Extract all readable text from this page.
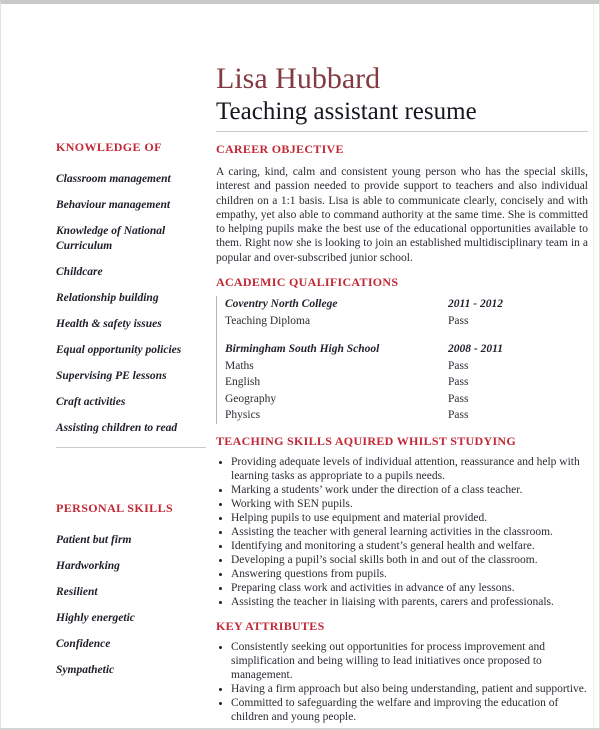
KNOWLEDGE OF
Classroom management
Behaviour management
Knowledge of National Curriculum
Childcare
Relationship building
Health & safety issues
Equal opportunity policies
Supervising PE lessons
Craft activities
Assisting children to read
PERSONAL SKILLS
Patient but firm
Hardworking
Resilient
Highly energetic
Confidence
Sympathetic
Lisa Hubbard
Teaching assistant resume
CAREER OBJECTIVE

A caring, kind, calm and consistent young person who has the special skills, interest and passion needed to provide support to teachers and also individual children on a 1:1 basis. Lisa is able to communicate clearly, concisely and with empathy, yet also able to command authority at the same time. She is committed to helping pupils make the best use of the educational opportunities available to them. Right now she is looking to join an established multidisciplinary team in a popular and over-subscribed junior school.

ACADEMIC QUALIFICATIONS
Coventry North College	2011 - 2012
Teaching Diploma	Pass
Birmingham South High School	2008 - 2011
Maths	Pass
English	Pass
Geography	Pass
Physics	Pass
TEACHING SKILLS AQUIRED WHILST STUDYING
• Providing adequate levels of individual attention, reassurance and help with learning tasks as appropriate to a pupils needs.
• Marking a students’ work under the direction of a class teacher.
• Working with SEN pupils.
• Helping pupils to use equipment and material provided.
• Assisting the teacher with general learning activities in the classroom.
• Identifying and monitoring a student’s general health and welfare.
• Developing a pupil’s social skills both in and out of the classroom.
• Answering questions from pupils.
• Preparing class work and activities in advance of any lessons.
• Assisting the teacher in liaising with parents, carers and professionals.
KEY ATTRIBUTES
• Consistently seeking out opportunities for process improvement and simplification and being willing to lead initiatives once proposed to management.
• Having a firm approach but also being understanding, patient and supportive.
• Committed to safeguarding the welfare and improving the education of children and young people.
